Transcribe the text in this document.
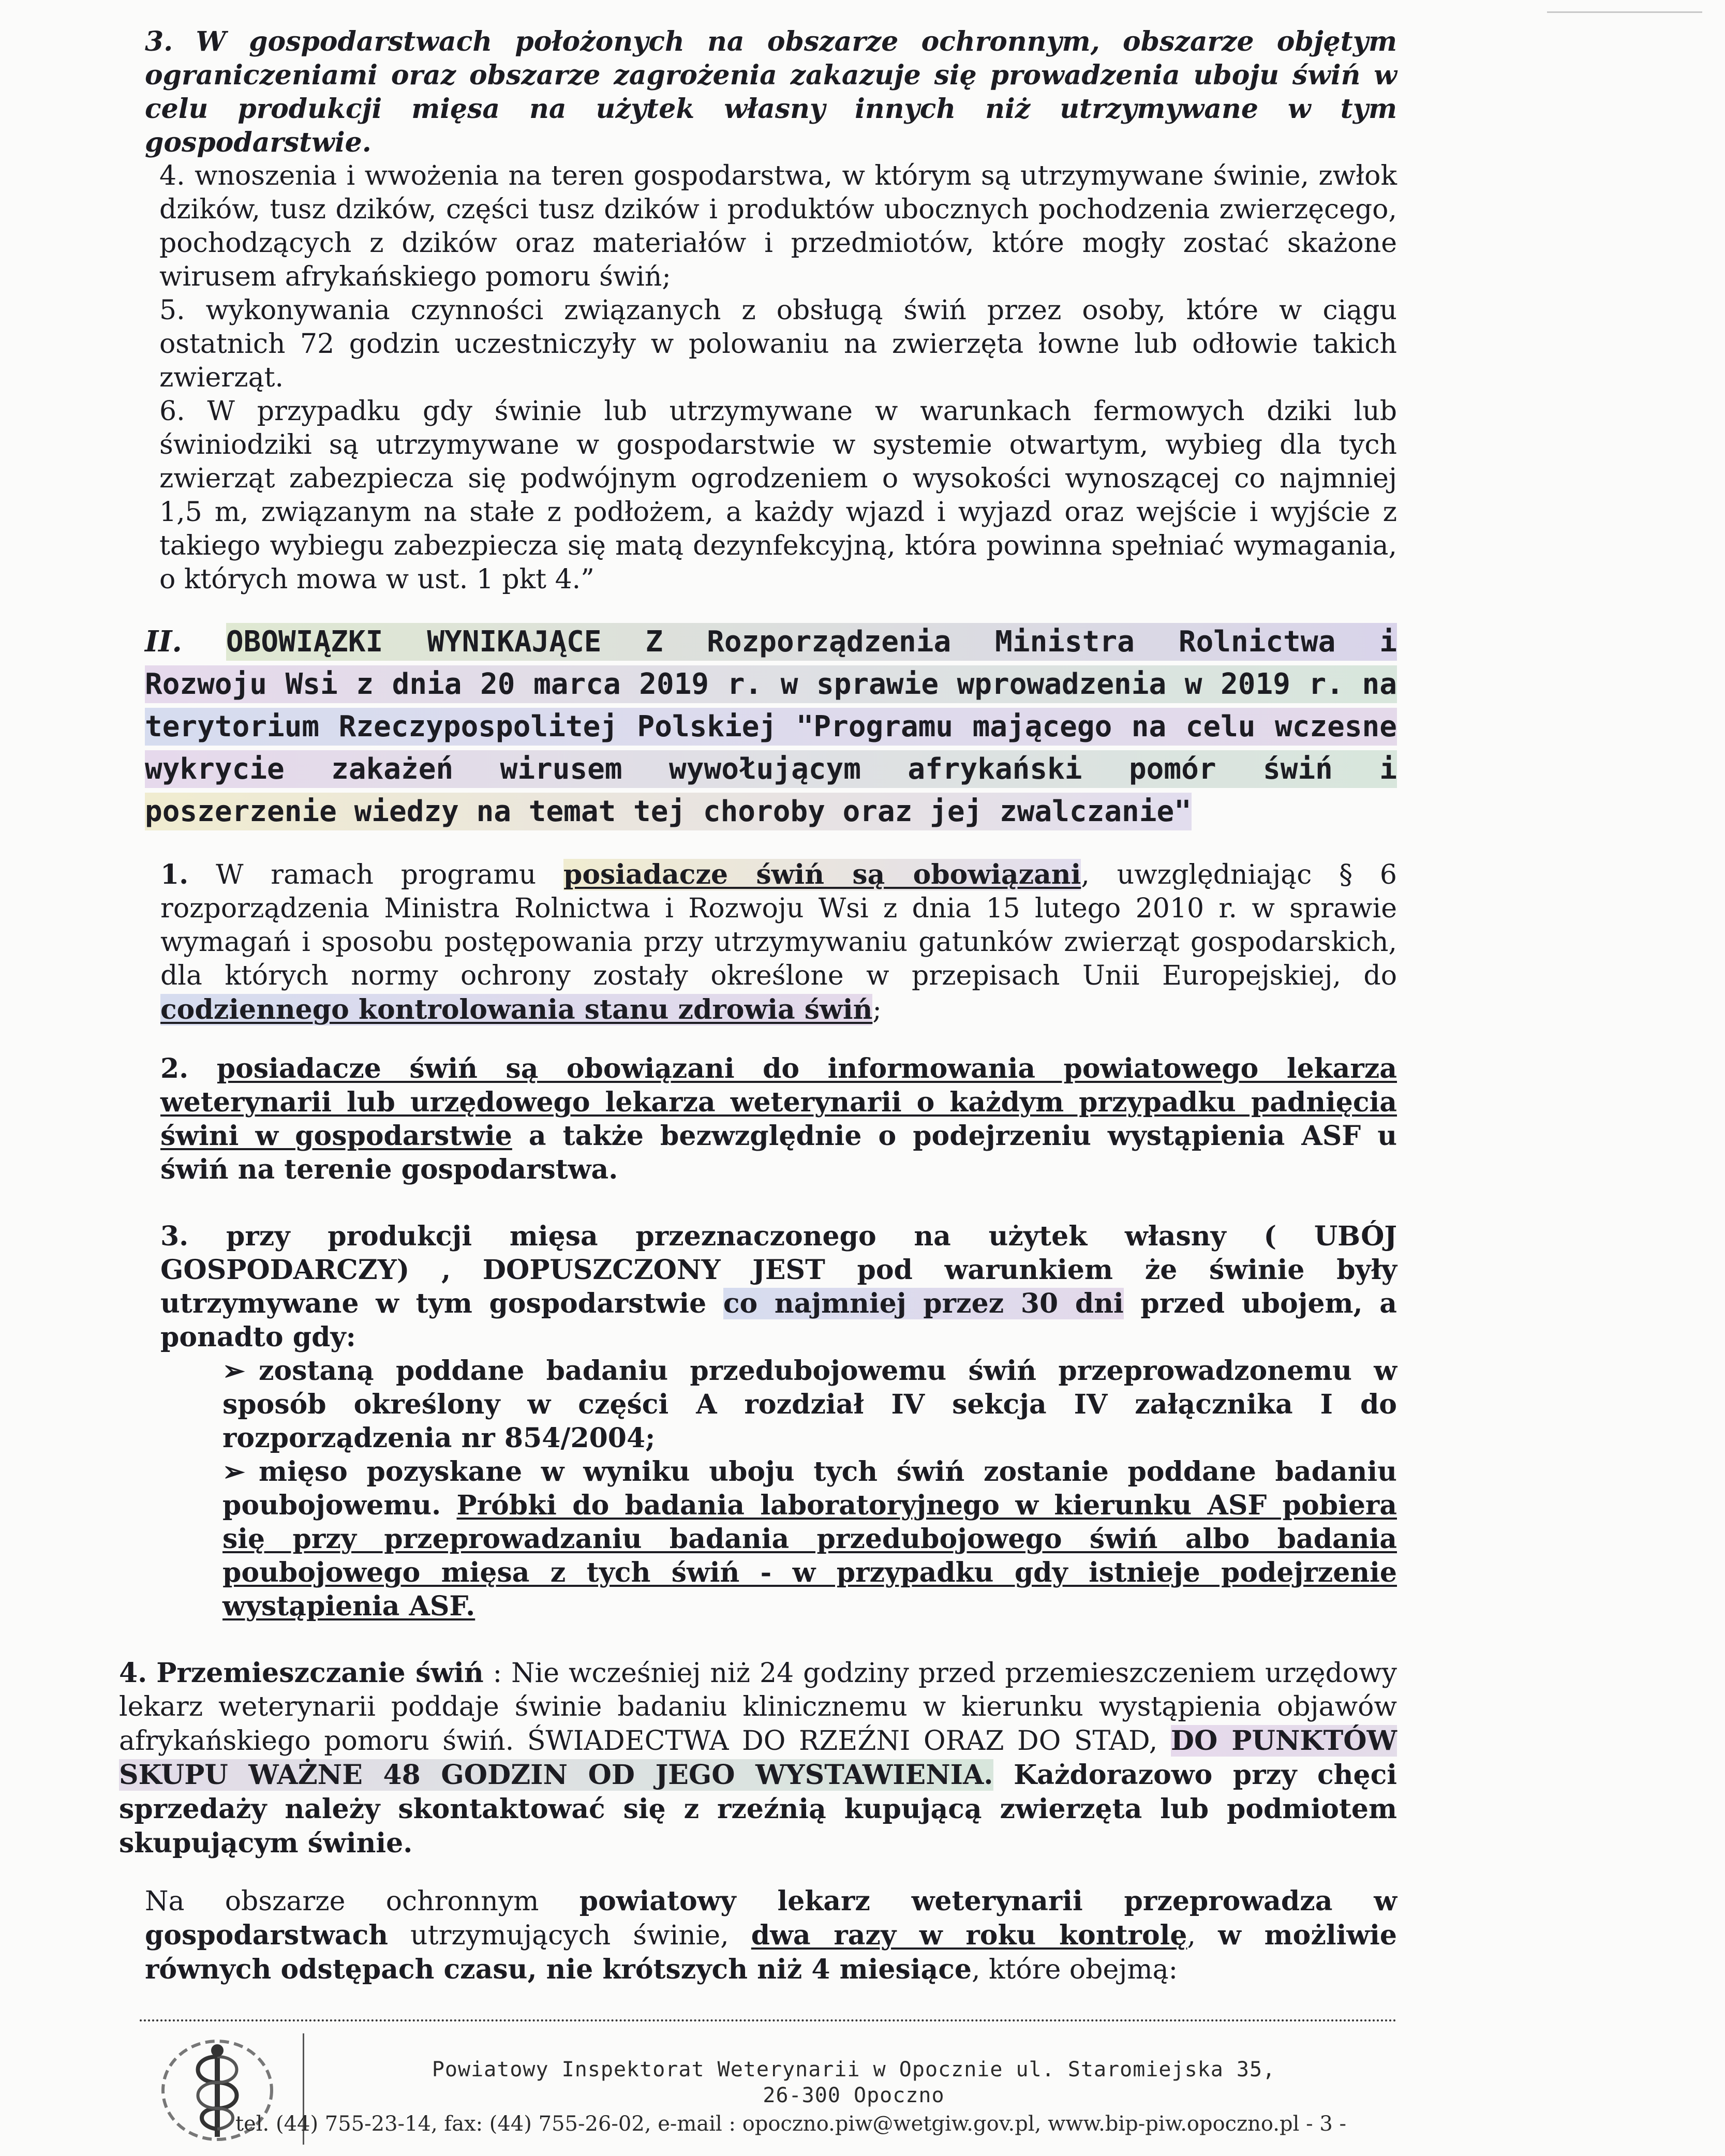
3. W gospodarstwach położonych na obszarze ochronnym, obszarze objętym ograniczeniami oraz obszarze zagrożenia zakazuje się prowadzenia uboju świń w celu produkcji mięsa na użytek własny innych niż utrzymywane w tym gospodarstwie.

4. wnoszenia i wwożenia na teren gospodarstwa, w którym są utrzymywane świnie, zwłok dzików, tusz dzików, części tusz dzików i produktów ubocznych pochodzenia zwierzęcego, pochodzących z dzików oraz materiałów i przedmiotów, które mogły zostać skażone wirusem afrykańskiego pomoru świń;

5. wykonywania czynności związanych z obsługą świń przez osoby, które w ciągu ostatnich 72 godzin uczestniczyły w polowaniu na zwierzęta łowne lub odłowie takich zwierząt.

6. W przypadku gdy świnie lub utrzymywane w warunkach fermowych dziki lub świniodziki są utrzymywane w gospodarstwie w systemie otwartym, wybieg dla tych zwierząt zabezpiecza się podwójnym ogrodzeniem o wysokości wynoszącej co najmniej 1,5 m, związanym na stałe z podłożem, a każdy wjazd i wyjazd oraz wejście i wyjście z takiego wybiegu zabezpiecza się matą dezynfekcyjną, która powinna spełniać wymagania, o których mowa w ust. 1 pkt 4.”

II. OBOWIĄZKI WYNIKAJĄCE Z Rozporządzenia Ministra Rolnictwa i
Rozwoju Wsi z dnia 20 marca 2019 r. w sprawie wprowadzenia w 2019 r. na
terytorium Rzeczypospolitej Polskiej "Programu mającego na celu wczesne
wykrycie zakażeń wirusem wywołującym afrykański pomór świń i
poszerzenie wiedzy na temat tej choroby oraz jej zwalczanie"

1. W ramach programu posiadacze świń są obowiązani, uwzględniając § 6 rozporządzenia Ministra Rolnictwa i Rozwoju Wsi z dnia 15 lutego 2010 r. w sprawie wymagań i sposobu postępowania przy utrzymywaniu gatunków zwierząt gospodarskich, dla których normy ochrony zostały określone w przepisach Unii Europejskiej, do codziennego kontrolowania stanu zdrowia świń;

2. posiadacze świń są obowiązani do informowania powiatowego lekarza weterynarii lub urzędowego lekarza weterynarii o każdym przypadku padnięcia świni w gospodarstwie a także bezwzględnie o podejrzeniu wystąpienia ASF u świń na terenie gospodarstwa.

3. przy produkcji mięsa przeznaczonego na użytek własny ( UBÓJ GOSPODARCZY) , DOPUSZCZONY JEST pod warunkiem że świnie były utrzymywane w tym gospodarstwie co najmniej przez 30 dni przed ubojem, a ponadto gdy:

➢ zostaną poddane badaniu przedubojowemu świń przeprowadzonemu w sposób określony w części A rozdział IV sekcja IV załącznika I do rozporządzenia nr 854/2004;

➢ mięso pozyskane w wyniku uboju tych świń zostanie poddane badaniu poubojowemu. Próbki do badania laboratoryjnego w kierunku ASF pobiera się przy przeprowadzaniu badania przedubojowego świń albo badania poubojowego mięsa z tych świń - w przypadku gdy istnieje podejrzenie wystąpienia ASF.

4. Przemieszczanie świń : Nie wcześniej niż 24 godziny przed przemieszczeniem urzędowy lekarz weterynarii poddaje świnie badaniu klinicznemu w kierunku wystąpienia objawów afrykańskiego pomoru świń. ŚWIADECTWA DO RZEŹNI ORAZ DO STAD, DO PUNKTÓW SKUPU WAŻNE 48 GODZIN OD JEGO WYSTAWIENIA. Każdorazowo przy chęci sprzedaży należy skontaktować się z rzeźnią kupującą zwierzęta lub podmiotem skupującym świnie.

Na obszarze ochronnym powiatowy lekarz weterynarii przeprowadza w gospodarstwach utrzymujących świnie, dwa razy w roku kontrolę, w możliwie równych odstępach czasu, nie krótszych niż 4 miesiące, które obejmą:

Powiatowy Inspektorat Weterynarii w Opocznie ul. Staromiejska 35,
26-300 Opoczno
tel. (44) 755-23-14, fax: (44) 755-26-02, e-mail : opoczno.piw@wetgiw.gov.pl, www.bip-piw.opoczno.pl - 3 -
